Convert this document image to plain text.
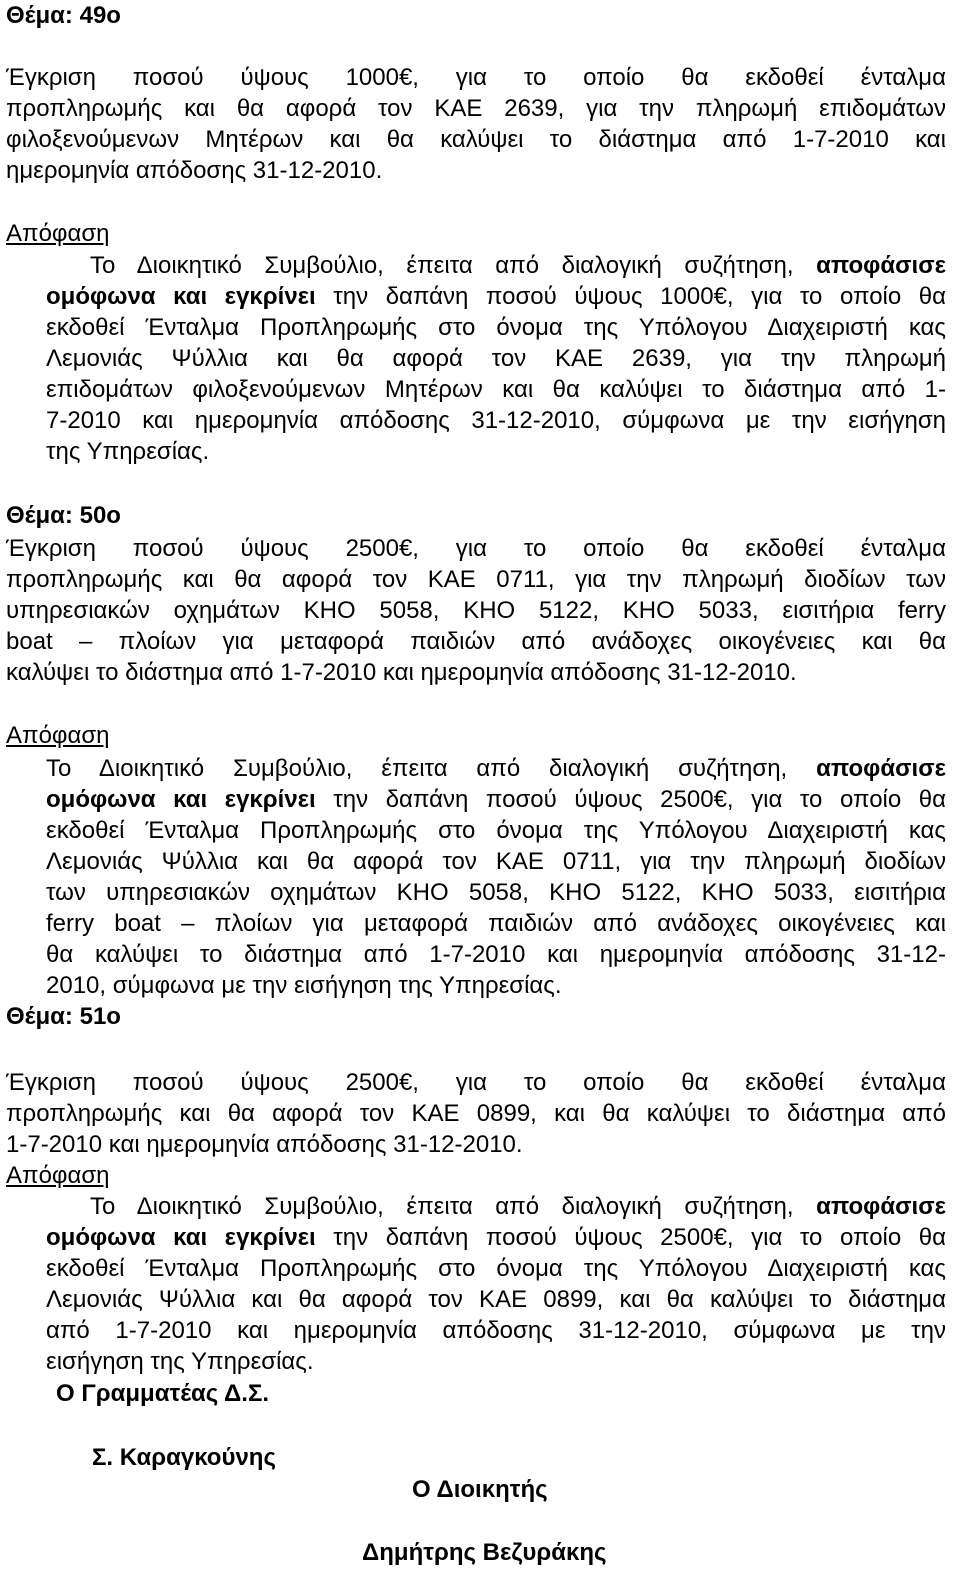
Θέμα: 49ο
Έγκριση ποσού ύψους 1000€, για το οποίο θα εκδοθεί ένταλμα
προπληρωμής και θα αφορά τον ΚΑΕ 2639, για την πληρωμή επιδομάτων
φιλοξενούμενων Μητέρων και θα καλύψει το διάστημα από 1-7-2010 και
ημερομηνία απόδοσης 31-12-2010.
Απόφαση
Το Διοικητικό Συμβούλιο, έπειτα από διαλογική συζήτηση, αποφάσισε
ομόφωνα και εγκρίνει την δαπάνη ποσού ύψους 1000€, για το οποίο θα
εκδοθεί Ένταλμα Προπληρωμής στο όνομα της Υπόλογου Διαχειριστή κας
Λεμονιάς Ψύλλια και θα αφορά τον ΚΑΕ 2639, για την πληρωμή
επιδομάτων φιλοξενούμενων Μητέρων και θα καλύψει το διάστημα από 1-
7-2010 και ημερομηνία απόδοσης 31-12-2010, σύμφωνα με την εισήγηση
της Υπηρεσίας.
Θέμα: 50ο
Έγκριση ποσού ύψους 2500€, για το οποίο θα εκδοθεί ένταλμα
προπληρωμής και θα αφορά τον ΚΑΕ 0711, για την πληρωμή διοδίων των
υπηρεσιακών οχημάτων ΚΗΟ 5058, ΚΗΟ 5122, ΚΗΟ 5033, εισιτήρια ferry
boat – πλοίων για μεταφορά παιδιών από ανάδοχες οικογένειες και θα
καλύψει το διάστημα από 1-7-2010 και ημερομηνία απόδοσης 31-12-2010.
Απόφαση
Το Διοικητικό Συμβούλιο, έπειτα από διαλογική συζήτηση, αποφάσισε
ομόφωνα και εγκρίνει την δαπάνη ποσού ύψους 2500€, για το οποίο θα
εκδοθεί Ένταλμα Προπληρωμής στο όνομα της Υπόλογου Διαχειριστή κας
Λεμονιάς Ψύλλια και θα αφορά τον ΚΑΕ 0711, για την πληρωμή διοδίων
των υπηρεσιακών οχημάτων ΚΗΟ 5058, ΚΗΟ 5122, ΚΗΟ 5033, εισιτήρια
ferry boat – πλοίων για μεταφορά παιδιών από ανάδοχες οικογένειες και
θα καλύψει το διάστημα από 1-7-2010 και ημερομηνία απόδοσης 31-12-
2010, σύμφωνα με την εισήγηση της Υπηρεσίας.
Θέμα: 51ο
Έγκριση ποσού ύψους 2500€, για το οποίο θα εκδοθεί ένταλμα
προπληρωμής και θα αφορά τον ΚΑΕ 0899, και θα καλύψει το διάστημα από
1-7-2010 και ημερομηνία απόδοσης 31-12-2010.
Απόφαση
Το Διοικητικό Συμβούλιο, έπειτα από διαλογική συζήτηση, αποφάσισε
ομόφωνα και εγκρίνει την δαπάνη ποσού ύψους 2500€, για το οποίο θα
εκδοθεί Ένταλμα Προπληρωμής στο όνομα της Υπόλογου Διαχειριστή κας
Λεμονιάς Ψύλλια και θα αφορά τον ΚΑΕ 0899, και θα καλύψει το διάστημα
από 1-7-2010 και ημερομηνία απόδοσης 31-12-2010, σύμφωνα με την
εισήγηση της Υπηρεσίας.
Ο Γραμματέας Δ.Σ.
Σ. Καραγκούνης
Ο Διοικητής
Δημήτρης Βεζυράκης
